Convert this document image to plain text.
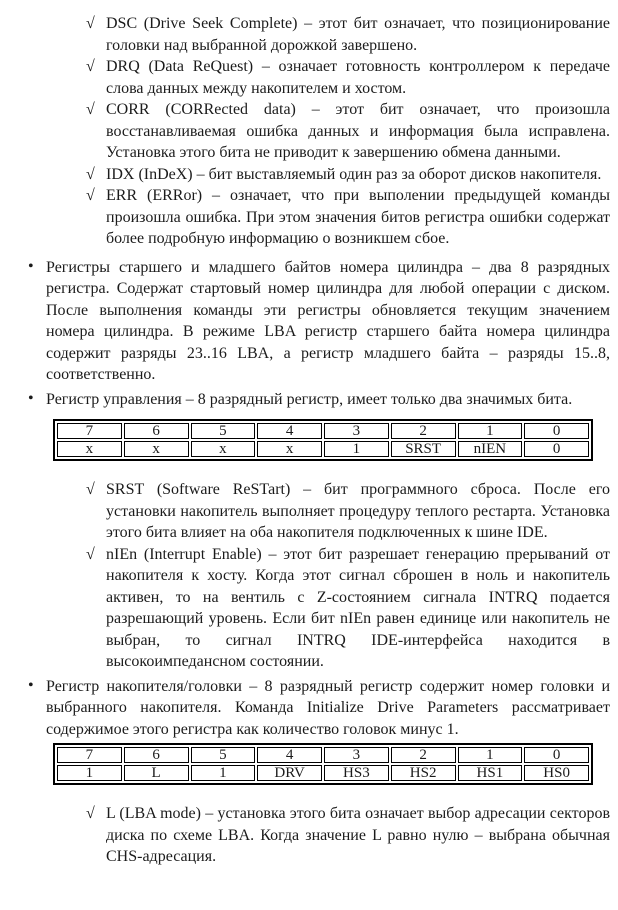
√ DSC (Drive Seek Complete) – этот бит означает, что позиционирование головки над выбранной дорожкой завершено.
√ DRQ (Data ReQuest) – означает готовность контроллером к передаче слова данных между накопителем и хостом.
√ CORR (CORRected data) – этот бит означает, что произошла восстанавливаемая ошибка данных и информация была исправлена. Установка этого бита не приводит к завершению обмена данными.
√ IDX (InDeX) – бит выставляемый один раз за оборот дисков накопителя.
√ ERR (ERRor) – означает, что при выполении предыдущей команды произошла ошибка. При этом значения битов регистра ошибки содержат более подробную информацию о возникшем сбое.
• Регистры старшего и младшего байтов номера цилиндра – два 8 разрядных регистра. Содержат стартовый номер цилиндра для любой операции с диском. После выполнения команды эти регистры обновляется текущим значением номера цилиндра. В режиме LBA регистр старшего байта номера цилиндра содержит разряды 23..16 LBA, а регистр младшего байта – разряды 15..8, соответственно.
• Регистр управления – 8 разрядный регистр, имеет только два значимых бита.
7	6	5	4	3	2	1	0
x	x	x	x	1	SRST	nIEN	0
√ SRST (Software ReSTart) – бит программного сброса. После его установки накопитель выполняет процедуру теплого рестарта. Установка этого бита влияет на оба накопителя подключенных к шине IDE.
√ nIEn (Interrupt Enable) – этот бит разрешает генерацию прерываний от накопителя к хосту. Когда этот сигнал сброшен в ноль и накопитель активен, то на вентиль с Z-состоянием сигнала INTRQ подается разрешающий уровень. Если бит nIEn равен единице или накопитель не выбран, то сигнал INTRQ IDE-интерфейса находится в высокоимпедансном состоянии.
• Регистр накопителя/головки – 8 разрядный регистр содержит номер головки и выбранного накопителя. Команда Initialize Drive Parameters рассматривает содержимое этого регистра как количество головок минус 1.
7	6	5	4	3	2	1	0
1	L	1	DRV	HS3	HS2	HS1	HS0
√ L (LBA mode) – установка этого бита означает выбор адресации секторов диска по схеме LBA. Когда значение L равно нулю – выбрана обычная CHS-адресация.
